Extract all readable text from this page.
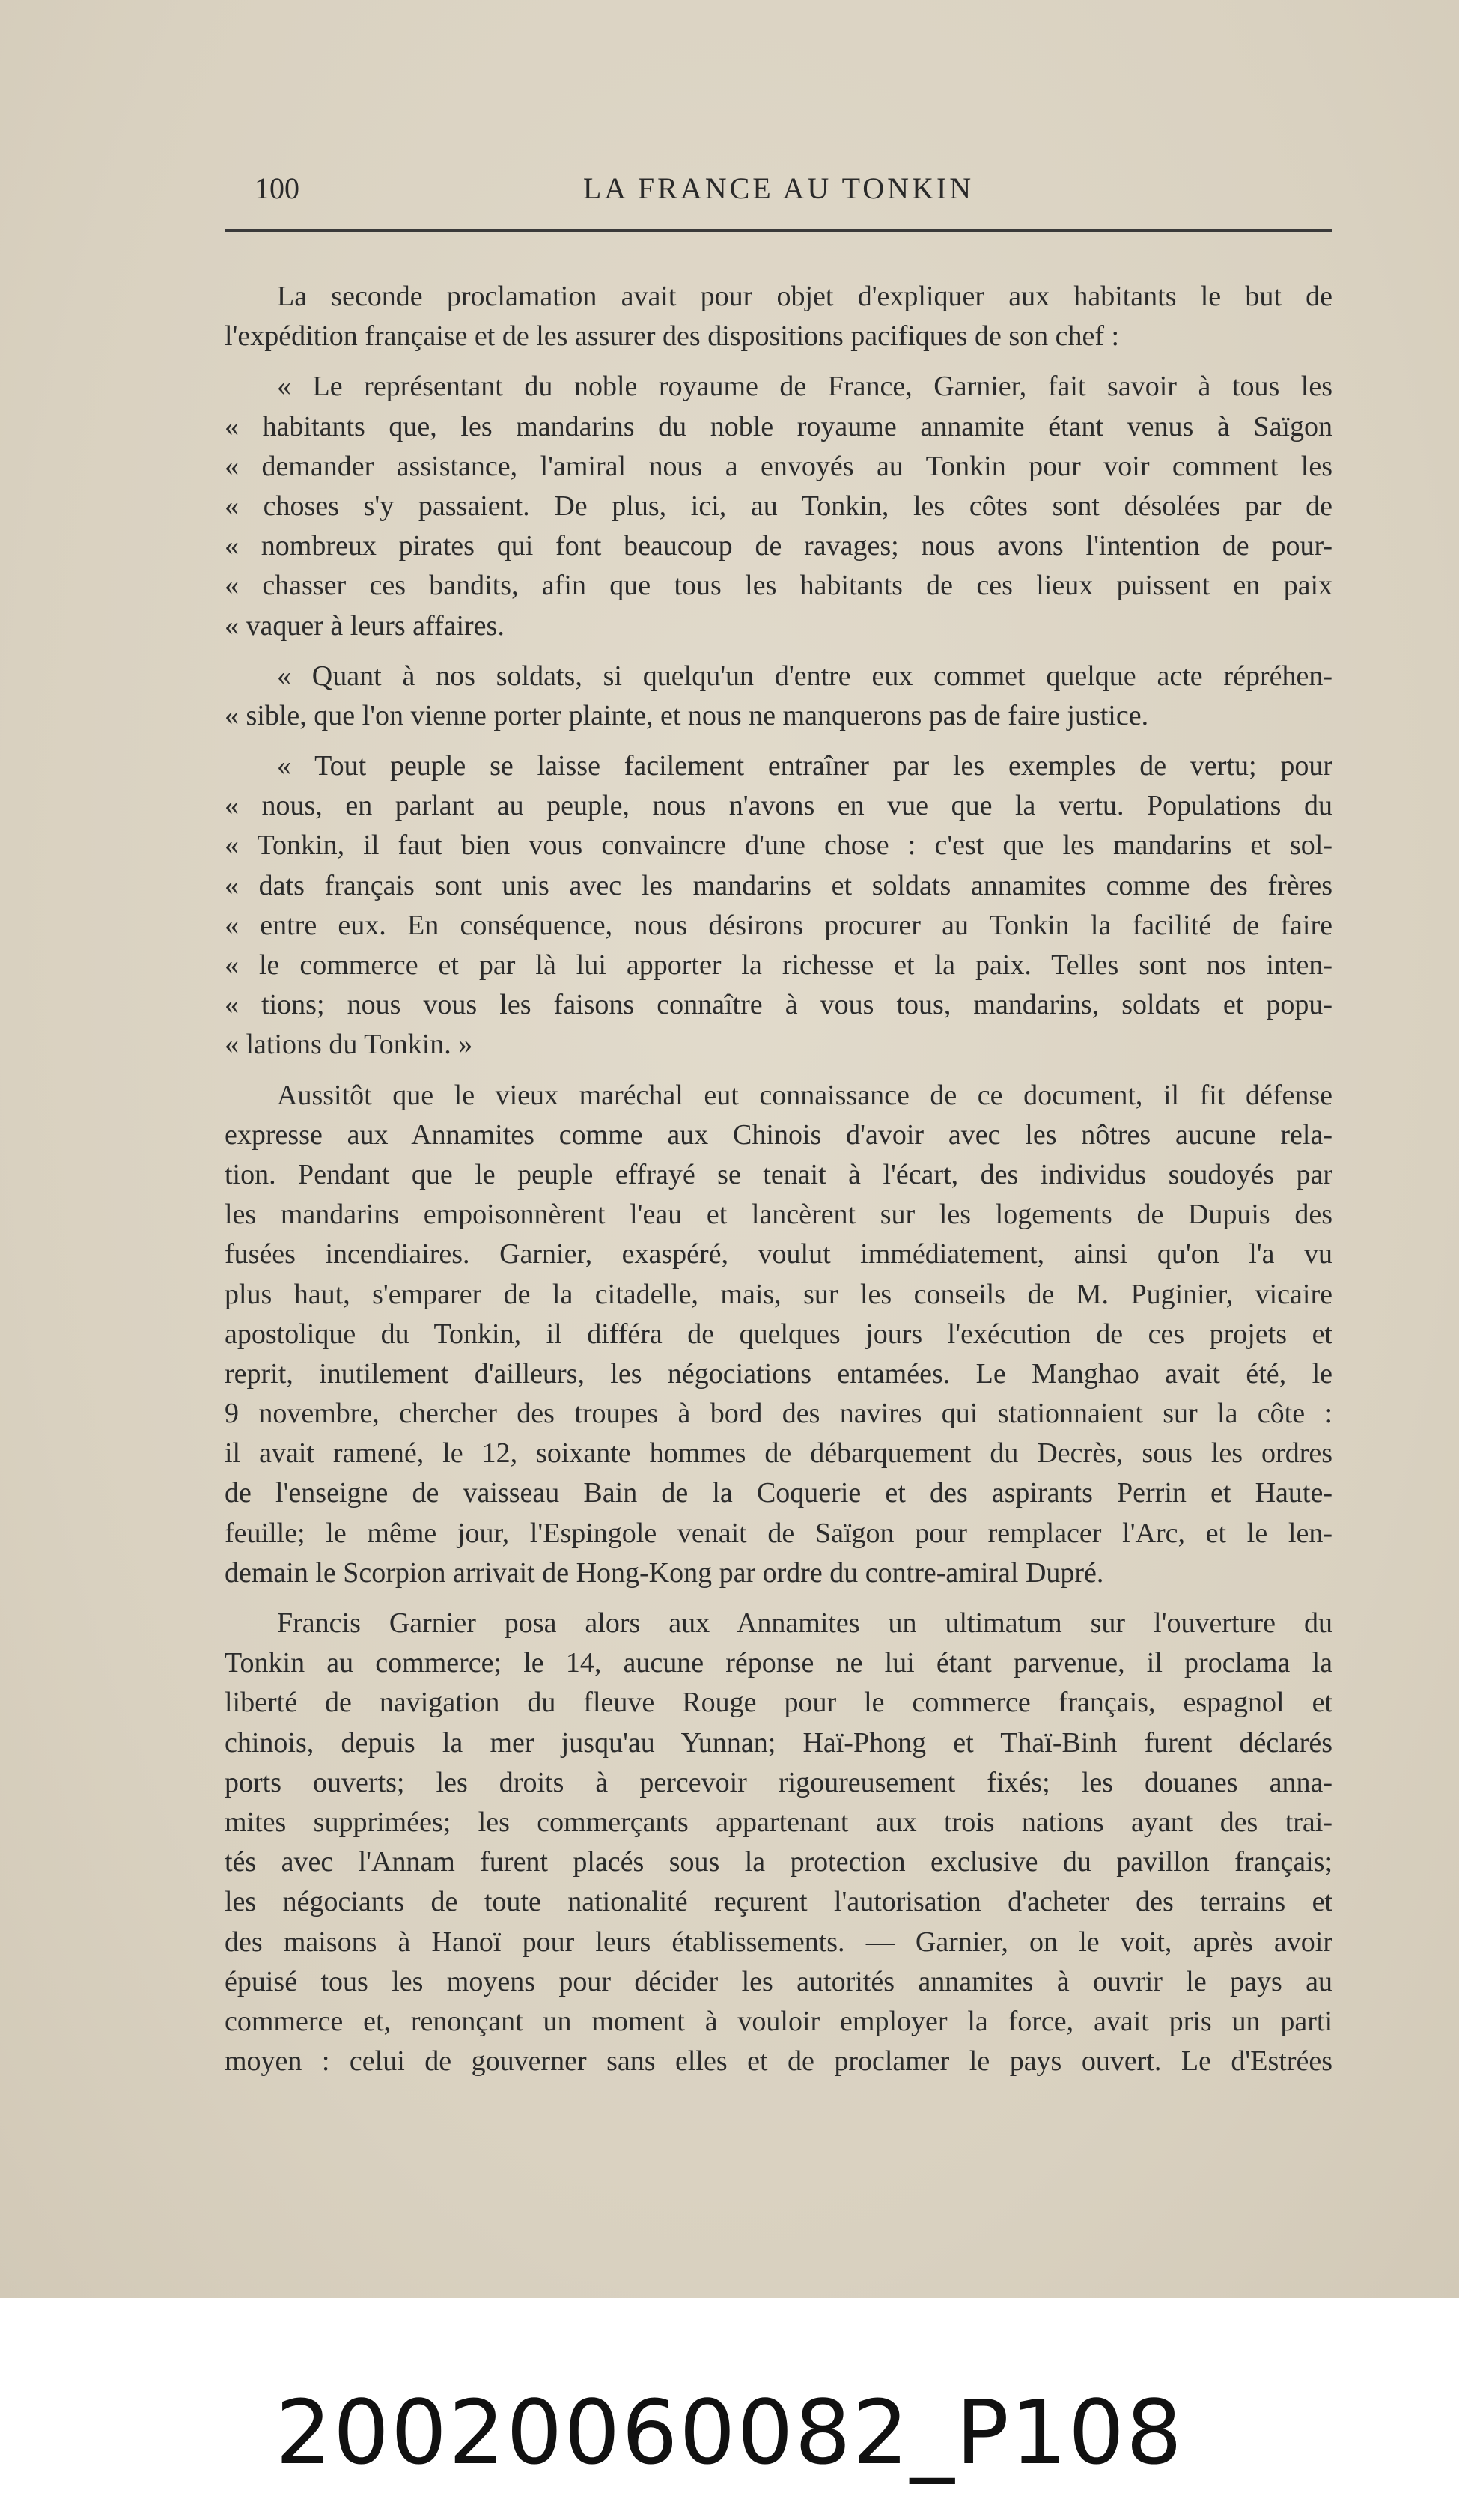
100	LA FRANCE AU TONKIN
La seconde proclamation avait pour objet d'expliquer aux habitants le but de
l'expédition française et de les assurer des dispositions pacifiques de son chef :
« Le représentant du noble royaume de France, Garnier, fait savoir à tous les
« habitants que, les mandarins du noble royaume annamite étant venus à Saïgon
« demander assistance, l'amiral nous a envoyés au Tonkin pour voir comment les
« choses s'y passaient. De plus, ici, au Tonkin, les côtes sont désolées par de
« nombreux pirates qui font beaucoup de ravages; nous avons l'intention de pour-
« chasser ces bandits, afin que tous les habitants de ces lieux puissent en paix
« vaquer à leurs affaires.
« Quant à nos soldats, si quelqu'un d'entre eux commet quelque acte répréhen-
« sible, que l'on vienne porter plainte, et nous ne manquerons pas de faire justice.
« Tout peuple se laisse facilement entraîner par les exemples de vertu; pour
« nous, en parlant au peuple, nous n'avons en vue que la vertu. Populations du
« Tonkin, il faut bien vous convaincre d'une chose : c'est que les mandarins et sol-
« dats français sont unis avec les mandarins et soldats annamites comme des frères
« entre eux. En conséquence, nous désirons procurer au Tonkin la facilité de faire
« le commerce et par là lui apporter la richesse et la paix. Telles sont nos inten-
« tions; nous vous les faisons connaître à vous tous, mandarins, soldats et popu-
« lations du Tonkin. »
Aussitôt que le vieux maréchal eut connaissance de ce document, il fit défense
expresse aux Annamites comme aux Chinois d'avoir avec les nôtres aucune rela-
tion. Pendant que le peuple effrayé se tenait à l'écart, des individus soudoyés par
les mandarins empoisonnèrent l'eau et lancèrent sur les logements de Dupuis des
fusées incendiaires. Garnier, exaspéré, voulut immédiatement, ainsi qu'on l'a vu
plus haut, s'emparer de la citadelle, mais, sur les conseils de M. Puginier, vicaire
apostolique du Tonkin, il différa de quelques jours l'exécution de ces projets et
reprit, inutilement d'ailleurs, les négociations entamées. Le Manghao avait été, le
9 novembre, chercher des troupes à bord des navires qui stationnaient sur la côte :
il avait ramené, le 12, soixante hommes de débarquement du Decrès, sous les ordres
de l'enseigne de vaisseau Bain de la Coquerie et des aspirants Perrin et Haute-
feuille; le même jour, l'Espingole venait de Saïgon pour remplacer l'Arc, et le len-
demain le Scorpion arrivait de Hong-Kong par ordre du contre-amiral Dupré.
Francis Garnier posa alors aux Annamites un ultimatum sur l'ouverture du
Tonkin au commerce; le 14, aucune réponse ne lui étant parvenue, il proclama la
liberté de navigation du fleuve Rouge pour le commerce français, espagnol et
chinois, depuis la mer jusqu'au Yunnan; Haï-Phong et Thaï-Binh furent déclarés
ports ouverts; les droits à percevoir rigoureusement fixés; les douanes anna-
mites supprimées; les commerçants appartenant aux trois nations ayant des trai-
tés avec l'Annam furent placés sous la protection exclusive du pavillon français;
les négociants de toute nationalité reçurent l'autorisation d'acheter des terrains et
des maisons à Hanoï pour leurs établissements. — Garnier, on le voit, après avoir
épuisé tous les moyens pour décider les autorités annamites à ouvrir le pays au
commerce et, renonçant un moment à vouloir employer la force, avait pris un parti
moyen : celui de gouverner sans elles et de proclamer le pays ouvert. Le d'Estrées
20020060082_P108
